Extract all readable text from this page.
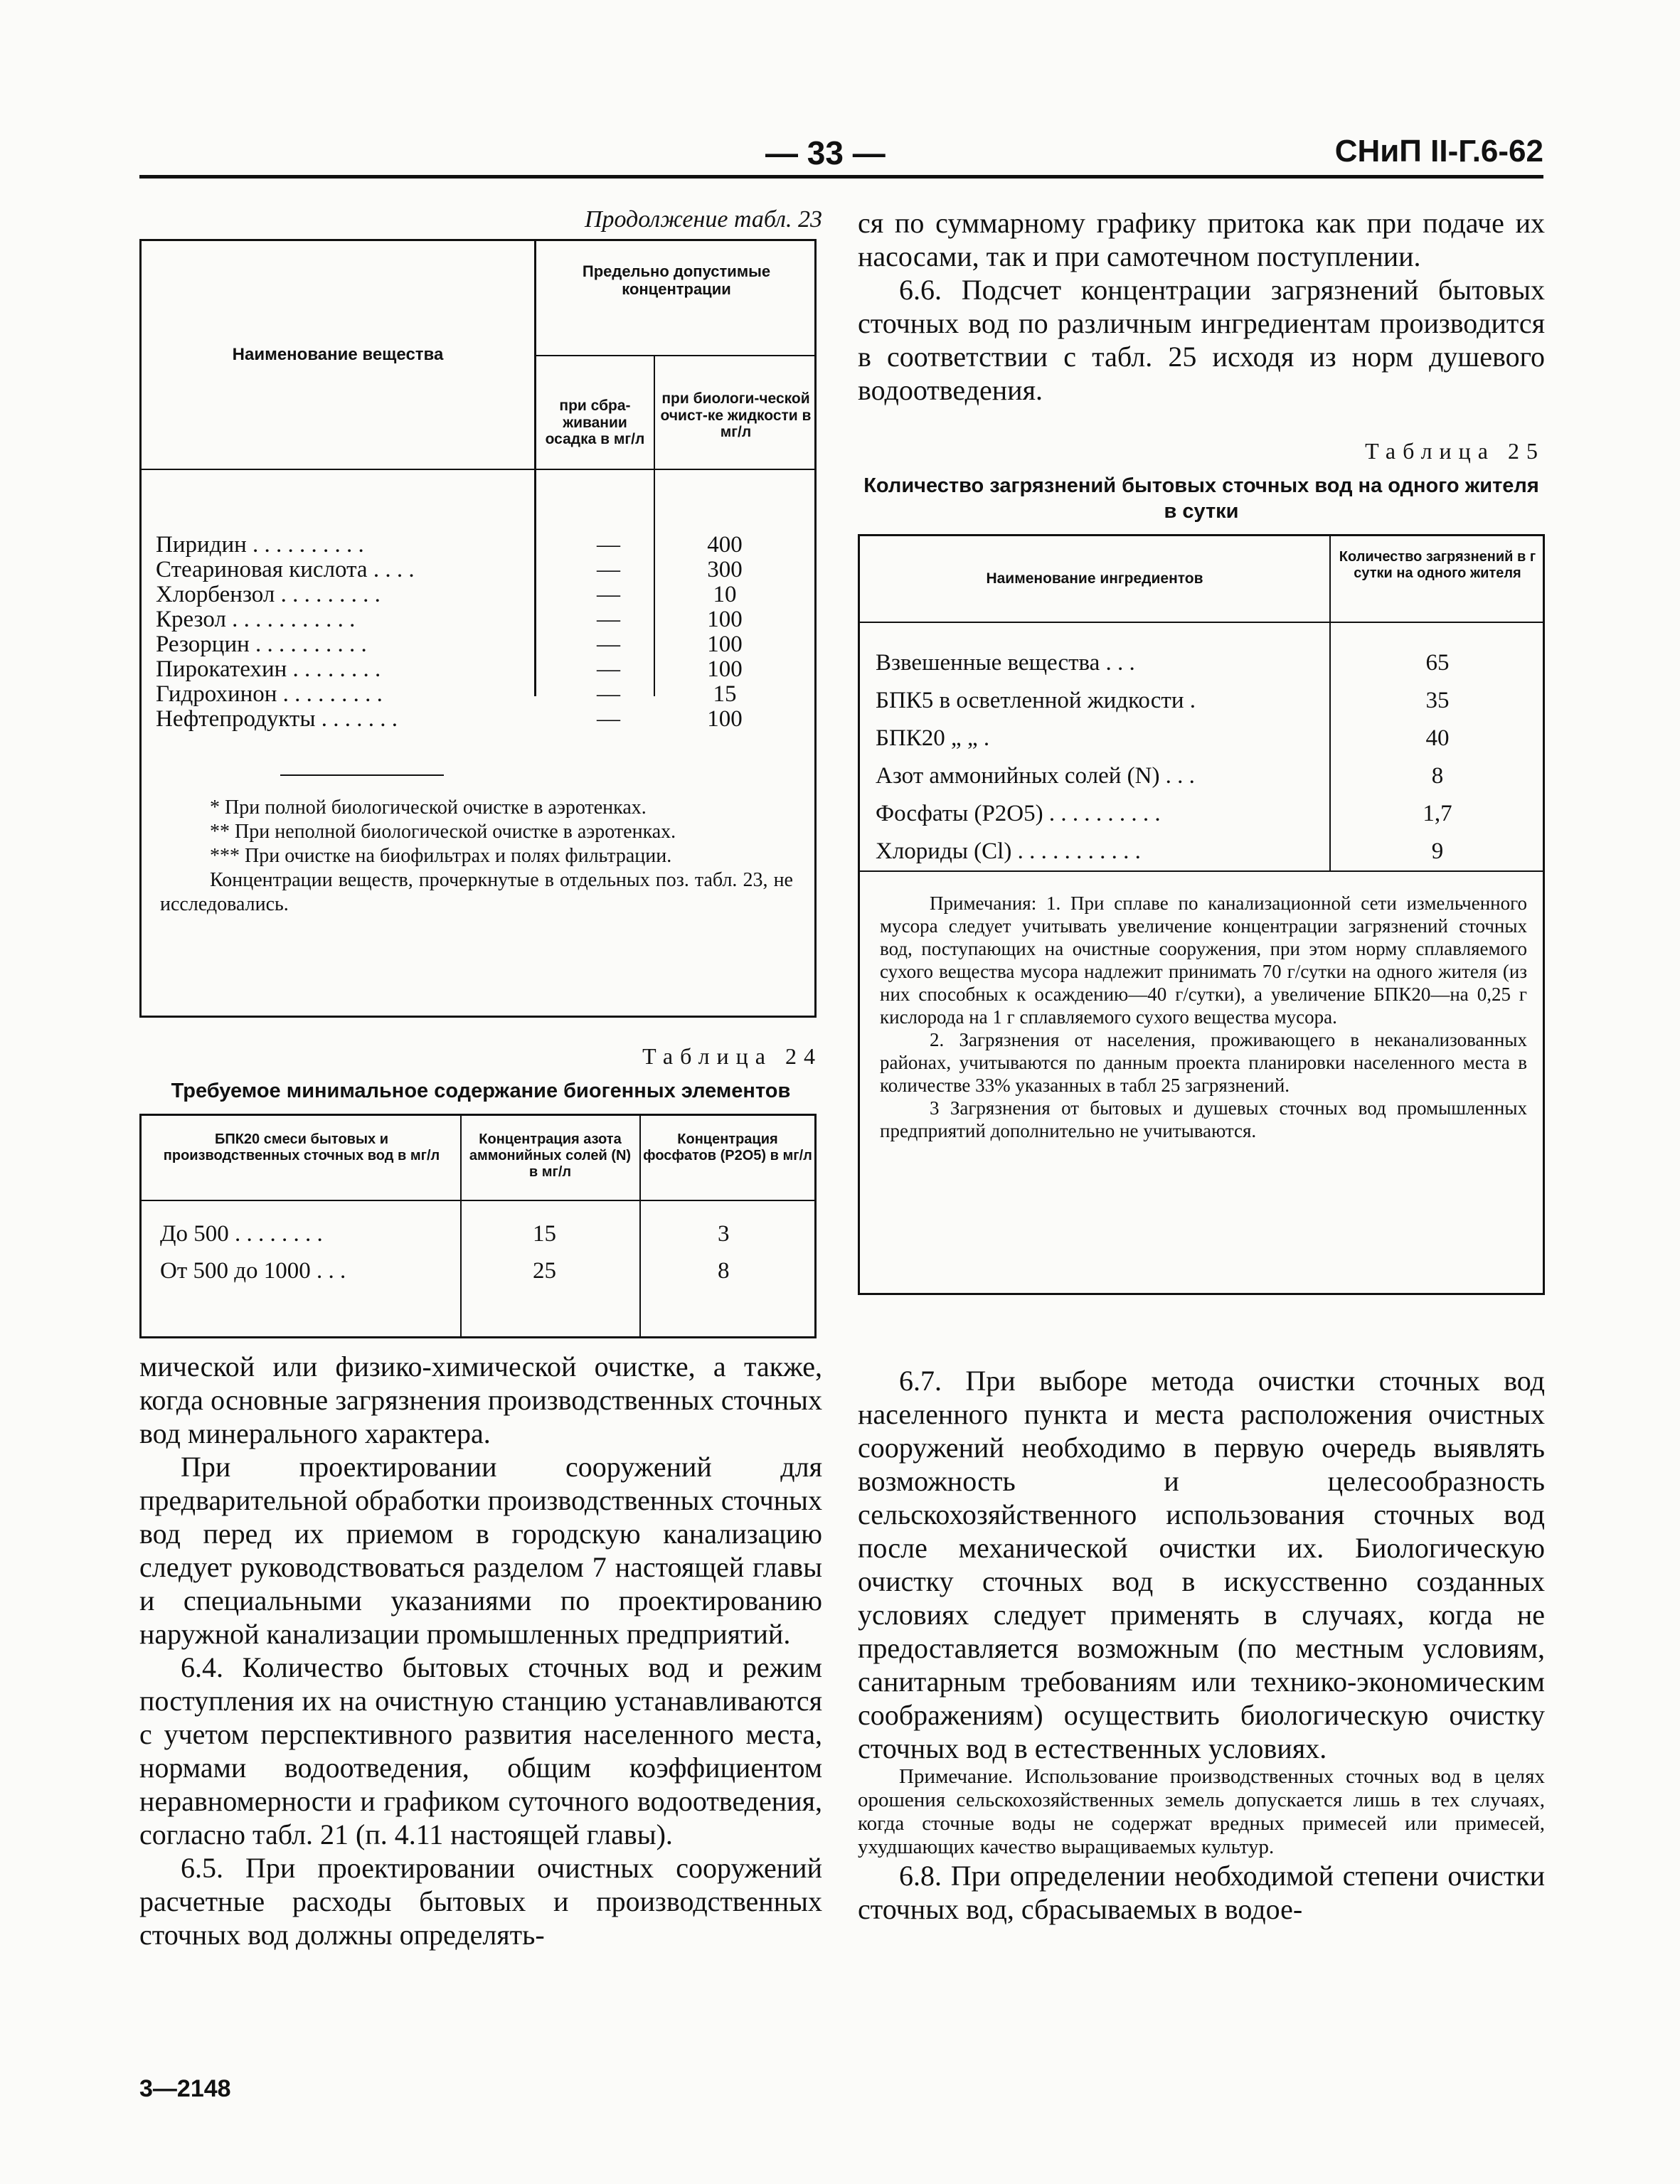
— 33 —	СНиП II-Г.6-62
Продолжение табл. 23
Наименование вещества
Предельно допустимые концентрации
при сбра-живании осадка в мг/л
при биологи-ческой очист-ке жидкости в мг/л
Пиридин . . . . . . . . . .	—	400
Стеариновая кислота . . . .	—	300
Хлорбензол . . . . . . . . .	—	10
Крезол . . . . . . . . . . .	—	100
Резорцин . . . . . . . . . .	—	100
Пирокатехин . . . . . . . .	—	100
Гидрохинон . . . . . . . . .	—	15
Нефтепродукты . . . . . . .	—	100

* При полной биологической очистке в аэротенках.

** При неполной биологической очистке в аэротенках.

*** При очистке на биофильтрах и полях фильтрации.

Концентрации веществ, прочеркнутые в отдельных поз. табл. 23, не исследовались.

Таблица 24
Требуемое минимальное содержание биогенных элементов
БПК20 смеси бытовых и производственных сточных вод в мг/л
Концентрация азота аммонийных солей (N) в мг/л
Концентрация фосфатов (P2O5) в мг/л
До 500 . . . . . . . .	15	3
От 500 до 1000 . . .	25	8

мической или физико-химической очистке, а также, когда основные загрязнения производственных сточных вод минерального характера.

При проектировании сооружений для предварительной обработки производственных сточных вод перед их приемом в городскую канализацию следует руководствоваться разделом 7 настоящей главы и специальными указаниями по проектированию наружной канализации промышленных предприятий.

6.4. Количество бытовых сточных вод и режим поступления их на очистную станцию устанавливаются с учетом перспективного развития населенного места, нормами водоотведения, общим коэффициентом неравномерности и графиком суточного водоотведения, согласно табл. 21 (п. 4.11 настоящей главы).

6.5. При проектировании очистных сооружений расчетные расходы бытовых и производственных сточных вод должны определять-

3—2148

ся по суммарному графику притока как при подаче их насосами, так и при самотечном поступлении.

6.6. Подсчет концентрации загрязнений бытовых сточных вод по различным ингредиентам производится в соответствии с табл. 25 исходя из норм душевого водоотведения.

Таблица 25
Количество загрязнений бытовых сточных вод на одного жителя в сутки
Наименование ингредиентов
Количество загрязнений в г сутки на одного жителя
Взвешенные вещества . . .	65
БПК5 в осветленной жидкости .	35
БПК20 „ „ .	40
Азот аммонийных солей (N) . . .	8
Фосфаты (P2O5) . . . . . . . . . .	1,7
Хлориды (Cl) . . . . . . . . . . .	9

Примечания: 1. При сплаве по канализационной сети измельченного мусора следует учитывать увеличение концентрации загрязнений сточных вод, поступающих на очистные сооружения, при этом норму сплавляемого сухого вещества мусора надлежит принимать 70 г/сутки на одного жителя (из них способных к осаждению—40 г/сутки), а увеличение БПК20—на 0,25 г кислорода на 1 г сплавляемого сухого вещества мусора.

2. Загрязнения от населения, проживающего в неканализованных районах, учитываются по данным проекта планировки населенного места в количестве 33% указанных в табл 25 загрязнений.

3 Загрязнения от бытовых и душевых сточных вод промышленных предприятий дополнительно не учитываются.

6.7. При выборе метода очистки сточных вод населенного пункта и места расположения очистных сооружений необходимо в первую очередь выявлять возможность и целесообразность сельскохозяйственного использования сточных вод после механической очистки их. Биологическую очистку сточных вод в искусственно созданных условиях следует применять в случаях, когда не предоставляется возможным (по местным условиям, санитарным требованиям или технико-экономическим соображениям) осуществить биологическую очистку сточных вод в естественных условиях.

Примечание. Использование производственных сточных вод в целях орошения сельскохозяйственных земель допускается лишь в тех случаях, когда сточные воды не содержат вредных примесей или примесей, ухудшающих качество выращиваемых культур.

6.8. При определении необходимой степени очистки сточных вод, сбрасываемых в водое-
